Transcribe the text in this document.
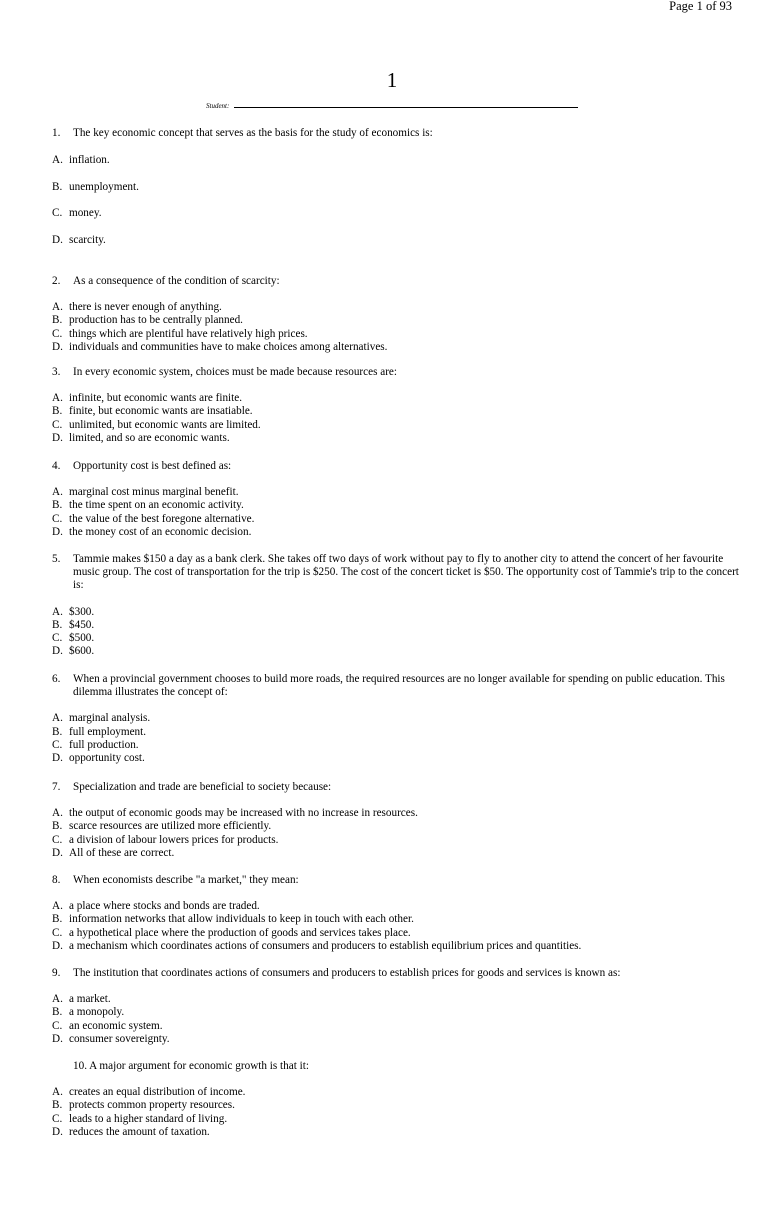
Page 1 of 93
1
Student:
1. The key economic concept that serves as the basis for the study of economics is:
A. inflation.
B. unemployment.
C. money.
D. scarcity.
2. As a consequence of the condition of scarcity:
A. there is never enough of anything.
B. production has to be centrally planned.
C. things which are plentiful have relatively high prices.
D. individuals and communities have to make choices among alternatives.
3. In every economic system, choices must be made because resources are:
A. infinite, but economic wants are finite.
B. finite, but economic wants are insatiable.
C. unlimited, but economic wants are limited.
D. limited, and so are economic wants.
4. Opportunity cost is best defined as:
A. marginal cost minus marginal benefit.
B. the time spent on an economic activity.
C. the value of the best foregone alternative.
D. the money cost of an economic decision.
5. Tammie makes $150 a day as a bank clerk. She takes off two days of work without pay to fly to another city to attend the concert of her favourite music group. The cost of transportation for the trip is $250. The cost of the concert ticket is $50. The opportunity cost of Tammie's trip to the concert is:
A. $300.
B. $450.
C. $500.
D. $600.
6. When a provincial government chooses to build more roads, the required resources are no longer available for spending on public education. This dilemma illustrates the concept of:
A. marginal analysis.
B. full employment.
C. full production.
D. opportunity cost.
7. Specialization and trade are beneficial to society because:
A. the output of economic goods may be increased with no increase in resources.
B. scarce resources are utilized more efficiently.
C. a division of labour lowers prices for products.
D. All of these are correct.
8. When economists describe "a market," they mean:
A. a place where stocks and bonds are traded.
B. information networks that allow individuals to keep in touch with each other.
C. a hypothetical place where the production of goods and services takes place.
D. a mechanism which coordinates actions of consumers and producers to establish equilibrium prices and quantities.
9. The institution that coordinates actions of consumers and producers to establish prices for goods and services is known as:
A. a market.
B. a monopoly.
C. an economic system.
D. consumer sovereignty.
10. A major argument for economic growth is that it:
A. creates an equal distribution of income.
B. protects common property resources.
C. leads to a higher standard of living.
D. reduces the amount of taxation.
